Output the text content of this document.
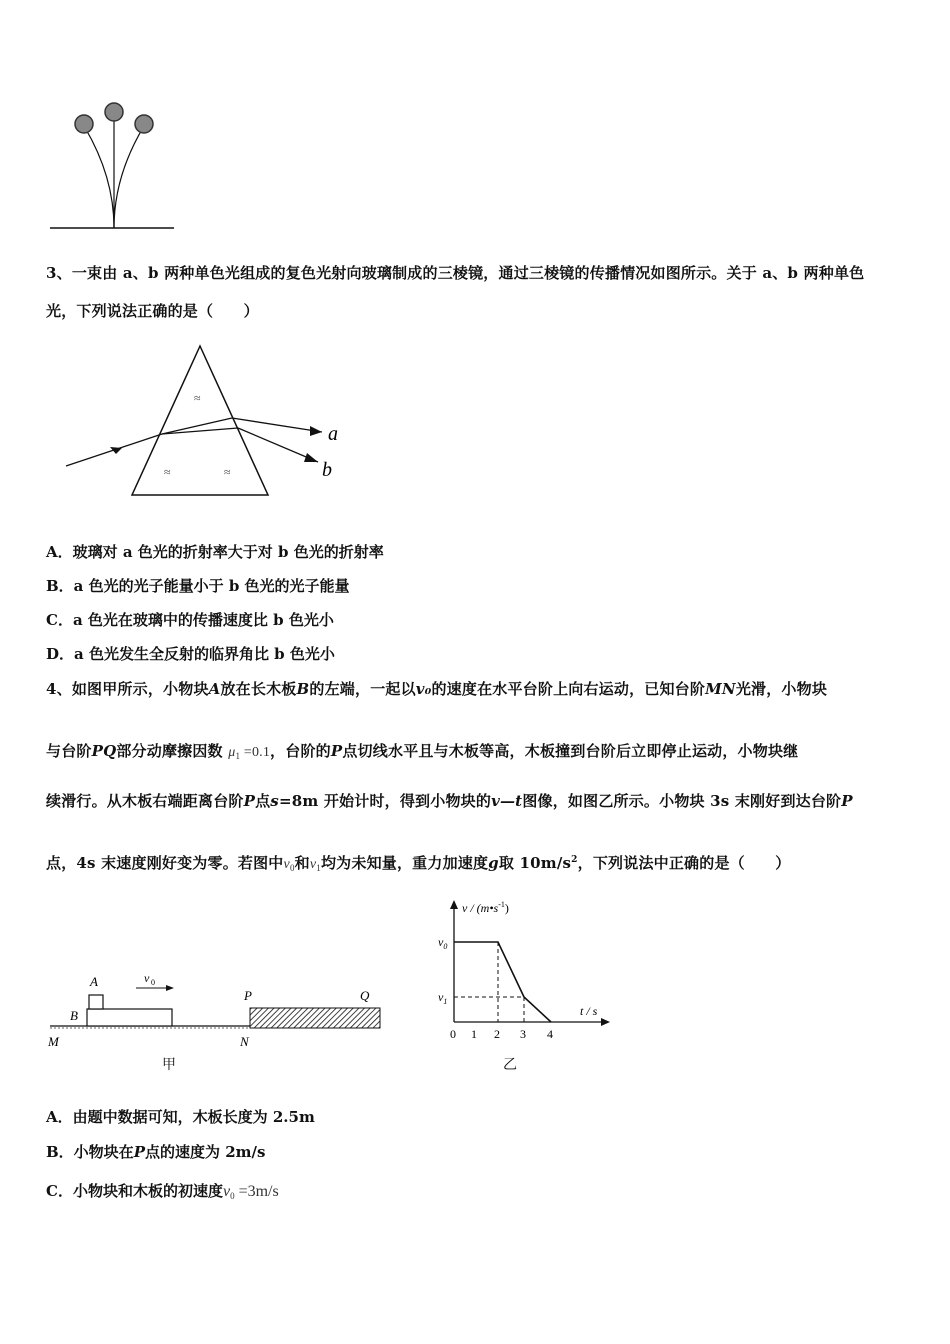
3、一束由 a、b 两种单色光组成的复色光射向玻璃制成的三棱镜，通过三棱镜的传播情况如图所示。关于 a、b 两种单色
光，下列说法正确的是（　　）
≈
≈	≈
a
b
A．玻璃对 a 色光的折射率大于对 b 色光的折射率
B．a 色光的光子能量小于 b 色光的光子能量
C．a 色光在玻璃中的传播速度比 b 色光小
D．a 色光发生全反射的临界角比 b 色光小
4、如图甲所示，小物块A放在长木板B的左端，一起以v₀的速度在水平台阶上向右运动，已知台阶MN光滑，小物块
与台阶PQ部分动摩擦因数 $\mu_1 =0.1$，台阶的P点切线水平且与木板等高，木板撞到台阶后立即停止运动，小物块继
续滑行。从木板右端距离台阶P点s=8m 开始计时，得到小物块的v—t图像，如图乙所示。小物块 3s 末刚好到达台阶P
点，4s 末速度刚好变为零。若图中$v_0$和$v_1$均为未知量，重力加速度g取 $10m/s^2$，下列说法中正确的是（　　）
A
B
v 0
P	Q
M	N
甲
v / $(m•s^{-1})$
t / s
$v_0$
$v_1$
0 1 2 3 4
乙
A．由题中数据可知，木板长度为 2.5m
B．小物块在P点的速度为 2m/s
C．小物块和木板的初速度v0 =3m/s
